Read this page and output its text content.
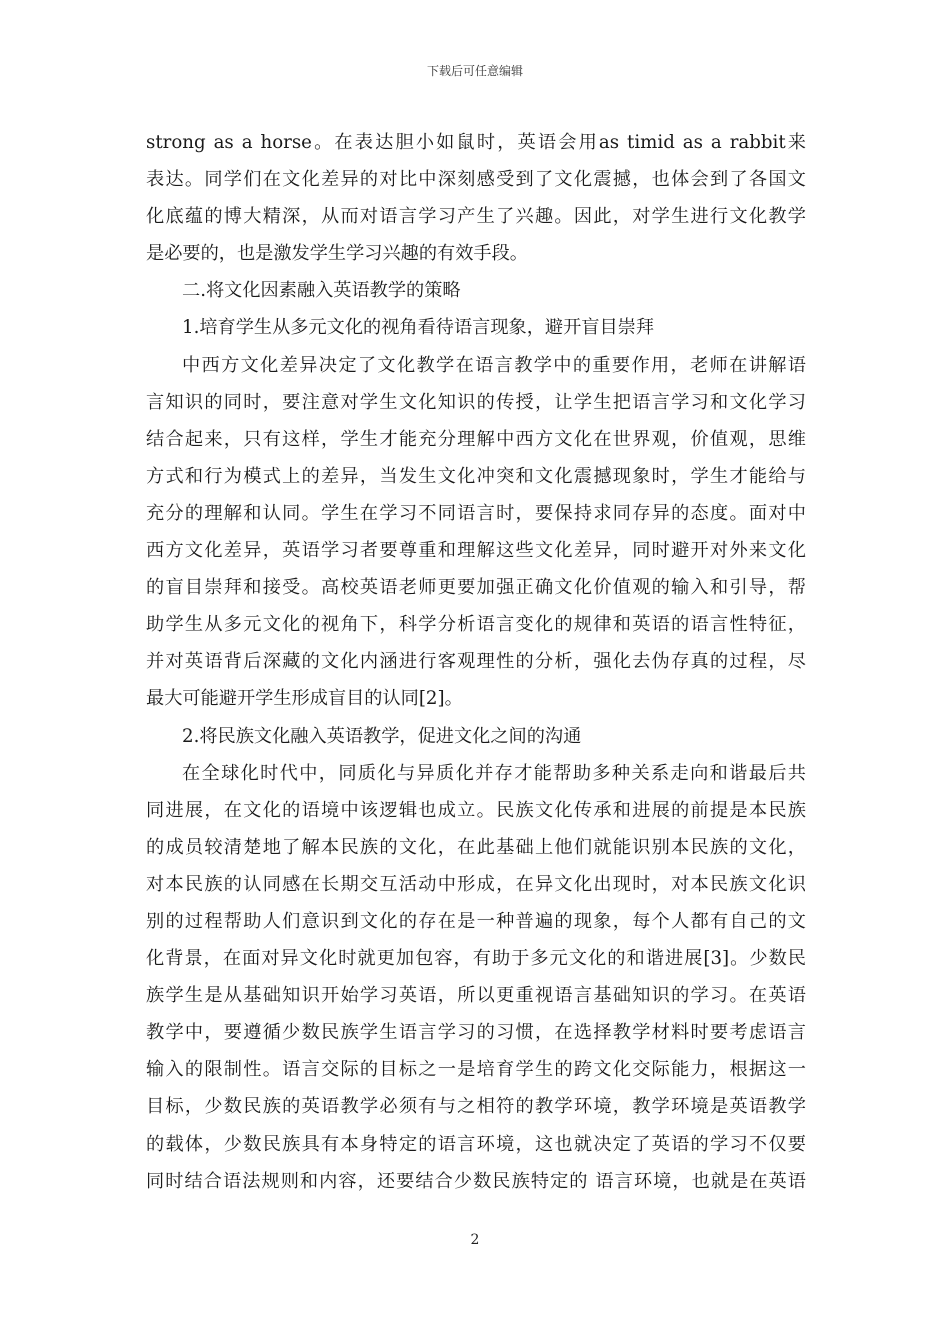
下载后可任意编辑
strong as a horse。在表达胆小如鼠时，英语会用as timid as a rabbit来
表达。同学们在文化差异的对比中深刻感受到了文化震撼，也体会到了各国文
化底蕴的博大精深，从而对语言学习产生了兴趣。因此，对学生进行文化教学
是必要的，也是激发学生学习兴趣的有效手段。
二.将文化因素融入英语教学的策略
1.培育学生从多元文化的视角看待语言现象，避开盲目崇拜
中西方文化差异决定了文化教学在语言教学中的重要作用，老师在讲解语
言知识的同时，要注意对学生文化知识的传授，让学生把语言学习和文化学习
结合起来，只有这样，学生才能充分理解中西方文化在世界观，价值观，思维
方式和行为模式上的差异，当发生文化冲突和文化震撼现象时，学生才能给与
充分的理解和认同。学生在学习不同语言时，要保持求同存异的态度。面对中
西方文化差异，英语学习者要尊重和理解这些文化差异，同时避开对外来文化
的盲目崇拜和接受。高校英语老师更要加强正确文化价值观的输入和引导，帮
助学生从多元文化的视角下，科学分析语言变化的规律和英语的语言性特征，
并对英语背后深藏的文化内涵进行客观理性的分析，强化去伪存真的过程，尽
最大可能避开学生形成盲目的认同[2]。
2.将民族文化融入英语教学，促进文化之间的沟通
在全球化时代中，同质化与异质化并存才能帮助多种关系走向和谐最后共
同进展，在文化的语境中该逻辑也成立。民族文化传承和进展的前提是本民族
的成员较清楚地了解本民族的文化，在此基础上他们就能识别本民族的文化，
对本民族的认同感在长期交互活动中形成，在异文化出现时，对本民族文化识
别的过程帮助人们意识到文化的存在是一种普遍的现象，每个人都有自己的文
化背景，在面对异文化时就更加包容，有助于多元文化的和谐进展[3]。少数民
族学生是从基础知识开始学习英语，所以更重视语言基础知识的学习。在英语
教学中，要遵循少数民族学生语言学习的习惯，在选择教学材料时要考虑语言
输入的限制性。语言交际的目标之一是培育学生的跨文化交际能力，根据这一
目标，少数民族的英语教学必须有与之相符的教学环境，教学环境是英语教学
的载体，少数民族具有本身特定的语言环境，这也就决定了英语的学习不仅要
同时结合语法规则和内容，还要结合少数民族特定的 语言环境，也就是在英语
2
